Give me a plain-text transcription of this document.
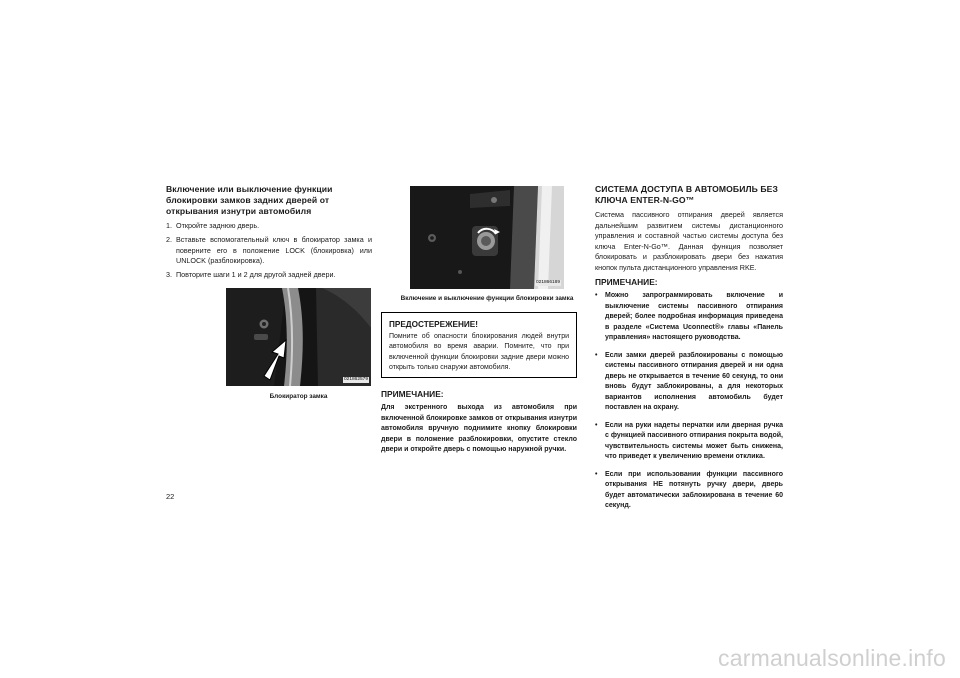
Включение или выключение функции блокировки замков задних дверей от открывания изнутри автомобиля
1. Откройте заднюю дверь.
2. Вставьте вспомогательный ключ в блокиратор замка и поверните его в положение LOCK (блокировка) или UNLOCK (разблокировка).
3. Повторите шаги 1 и 2 для другой задней двери.
021862579
Блокиратор замка
021866189
Включение и выключение функции блокировки замка
ПРЕДОСТЕРЕЖЕНИЕ!
Помните об опасности блокирования людей внутри автомобиля во время аварии. Помните, что при включенной функции блокировки задние двери можно открыть только снаружи автомобиля.
ПРИМЕЧАНИЕ:
Для экстренного выхода из автомобиля при включенной блокировке замков от открывания изнутри автомобиля вручную поднимите кнопку блокировки двери в положение разблокировки, опустите стекло двери и откройте дверь с помощью наружной ручки.
СИСТЕМА ДОСТУПА В АВТОМОБИЛЬ БЕЗ КЛЮЧА ENTER-N-GO™
Система пассивного отпирания дверей является дальнейшим развитием системы дистанционного управления и составной частью системы доступа без ключа Enter-N-Go™. Данная функция позволяет блокировать и разблокировать двери без нажатия кнопок пульта дистанционного управления RKE.
ПРИМЕЧАНИЕ:
• Можно запрограммировать включение и выключение системы пассивного отпирания дверей; более подробная информация приведена в разделе «Система Uconnect®» главы «Панель управления» настоящего руководства.
• Если замки дверей разблокированы с помощью системы пассивного отпирания дверей и ни одна дверь не открывается в течение 60 секунд, то они вновь будут заблокированы, а для некоторых вариантов исполнения автомобиль будет поставлен на охрану.
• Если на руки надеты перчатки или дверная ручка с функцией пассивного отпирания покрыта водой, чувствительность системы может быть снижена, что приведет к увеличению времени отклика.
• Если при использовании функции пассивного открывания НЕ потянуть ручку двери, дверь будет автоматически заблокирована в течение 60 секунд.
22
carmanualsonline.info
